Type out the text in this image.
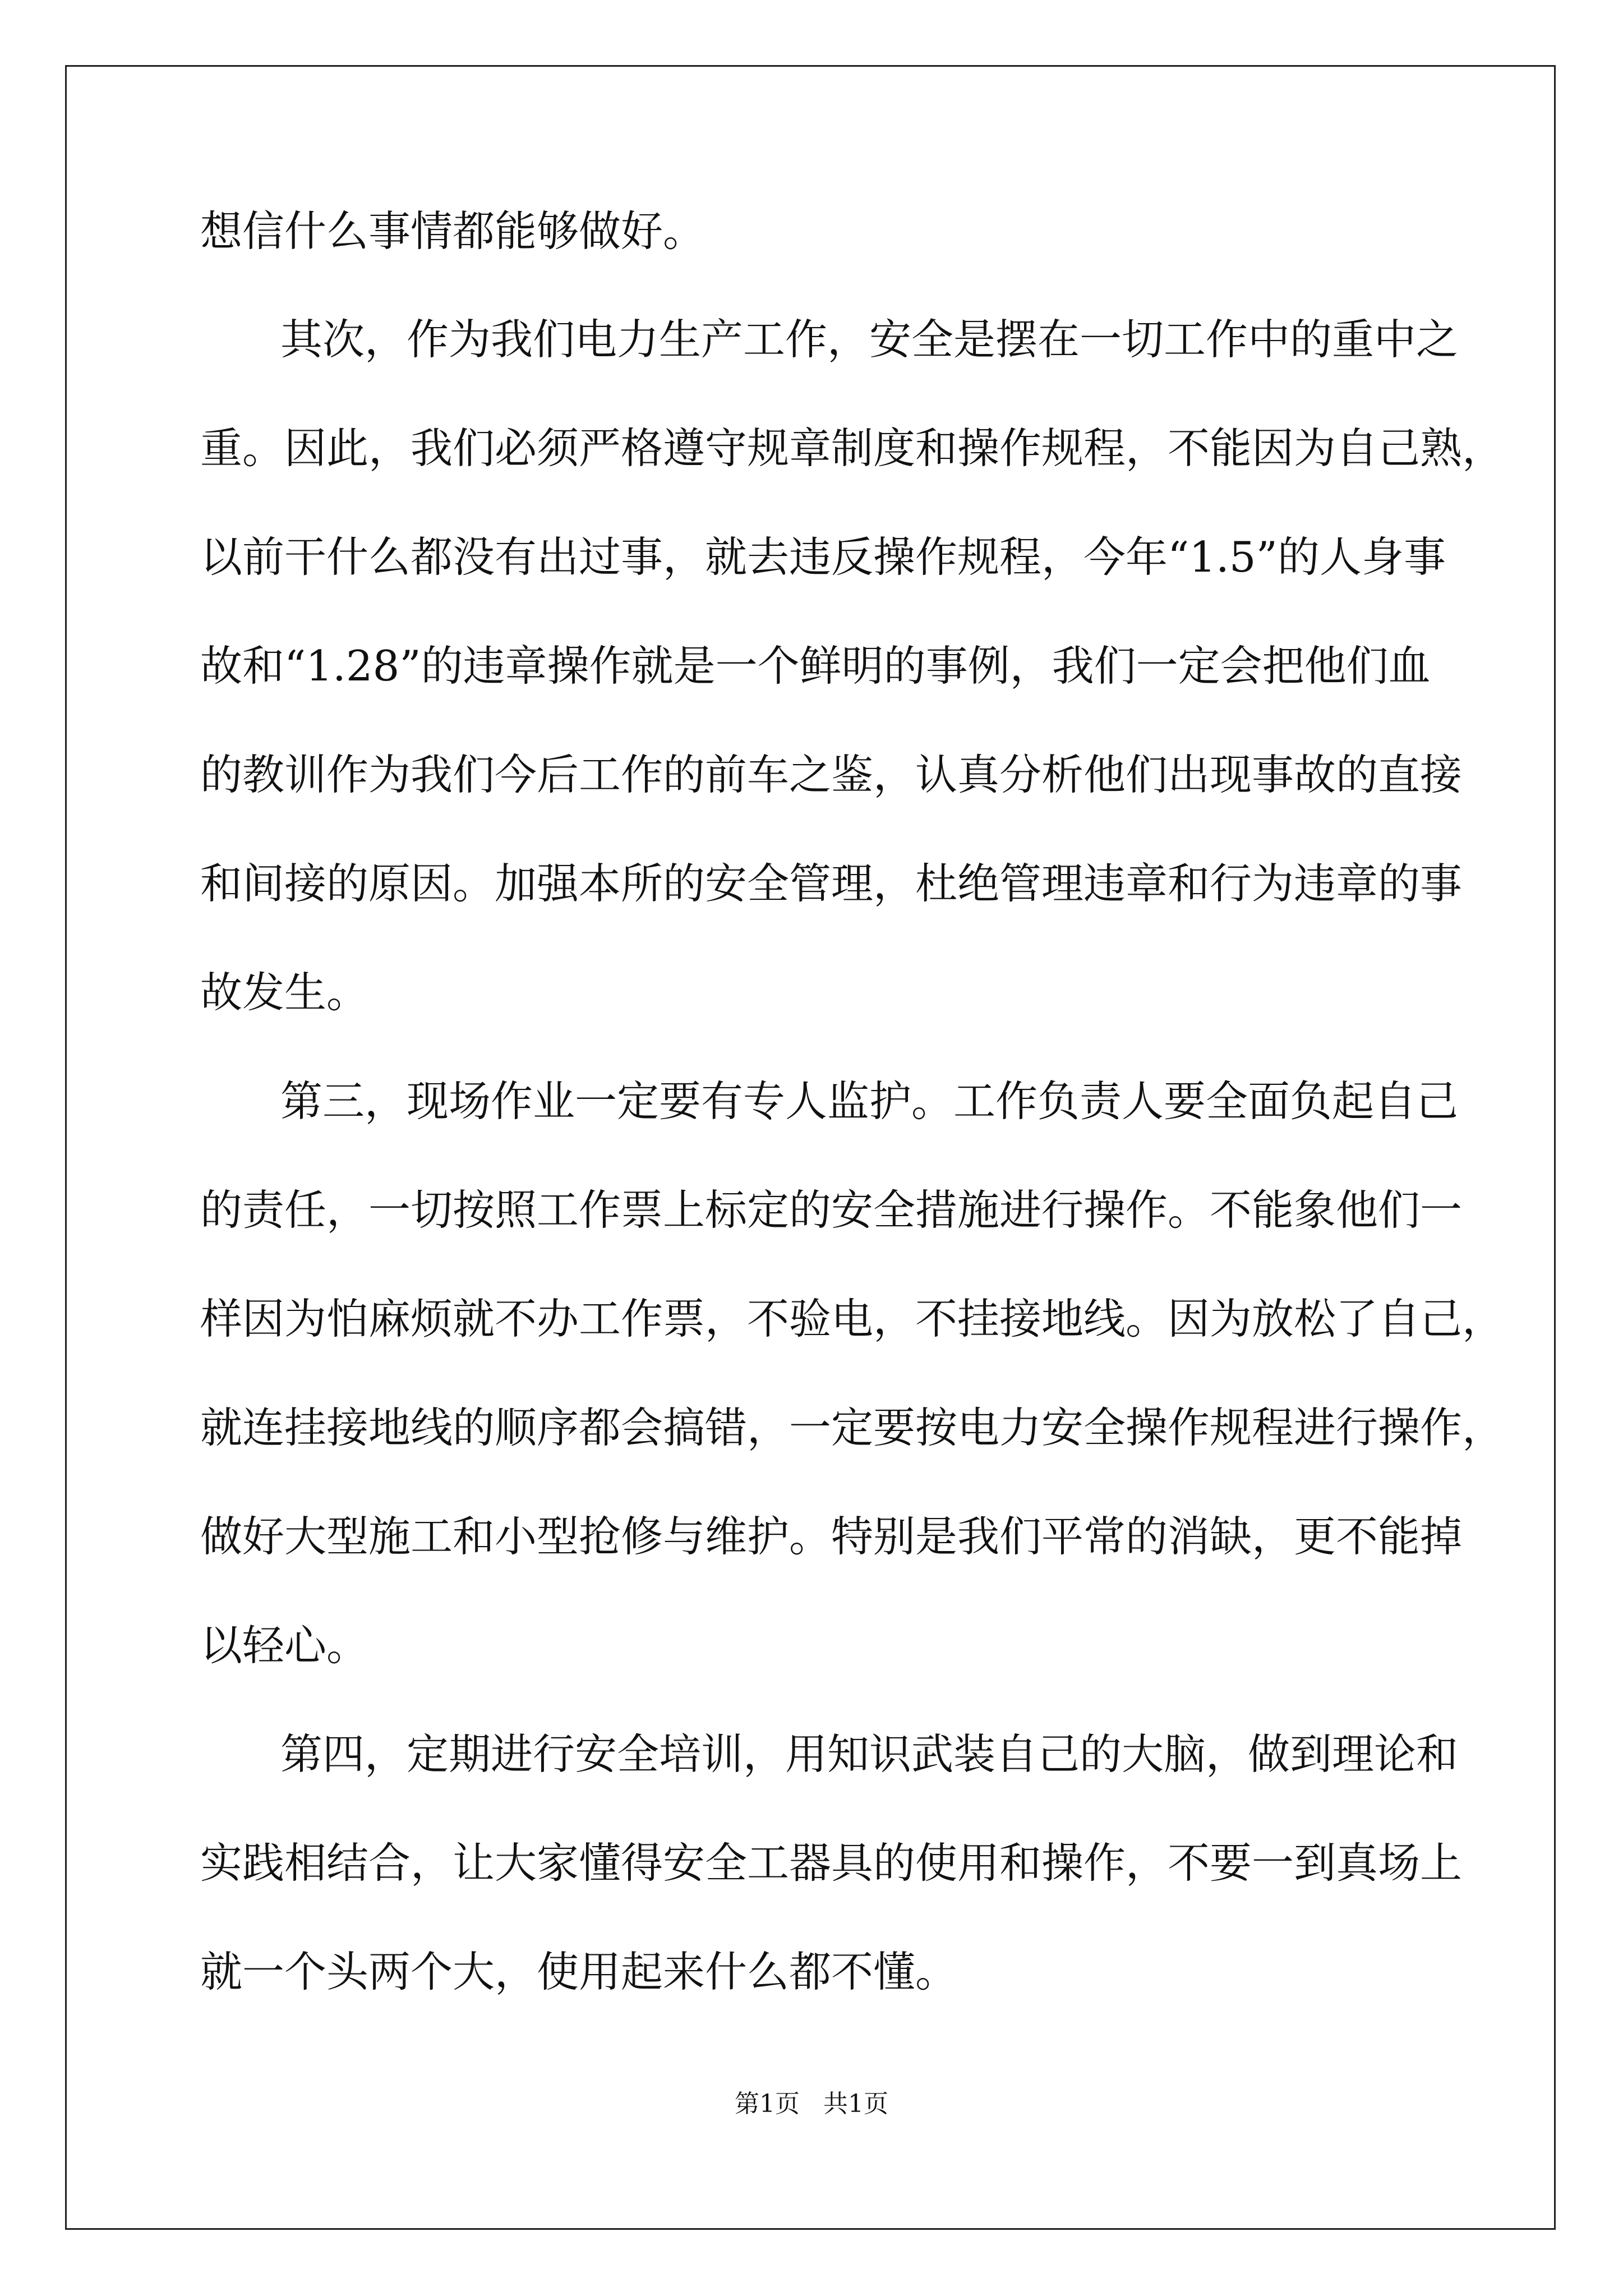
想信什么事情都能够做好。
其次，作为我们电力生产工作，安全是摆在一切工作中的重中之
重。因此，我们必须严格遵守规章制度和操作规程，不能因为自己熟，
以前干什么都没有出过事，就去违反操作规程，今年“1.5”的人身事
故和“1.28”的违章操作就是一个鲜明的事例，我们一定会把他们血
的教训作为我们今后工作的前车之鉴，认真分析他们出现事故的直接
和间接的原因。加强本所的安全管理，杜绝管理违章和行为违章的事
故发生。
第三，现场作业一定要有专人监护。工作负责人要全面负起自己
的责任，一切按照工作票上标定的安全措施进行操作。不能象他们一
样因为怕麻烦就不办工作票，不验电，不挂接地线。因为放松了自己，
就连挂接地线的顺序都会搞错，一定要按电力安全操作规程进行操作，
做好大型施工和小型抢修与维护。特别是我们平常的消缺，更不能掉
以轻心。
第四，定期进行安全培训，用知识武装自己的大脑，做到理论和
实践相结合，让大家懂得安全工器具的使用和操作，不要一到真场上
就一个头两个大，使用起来什么都不懂。
第1页   共1页
